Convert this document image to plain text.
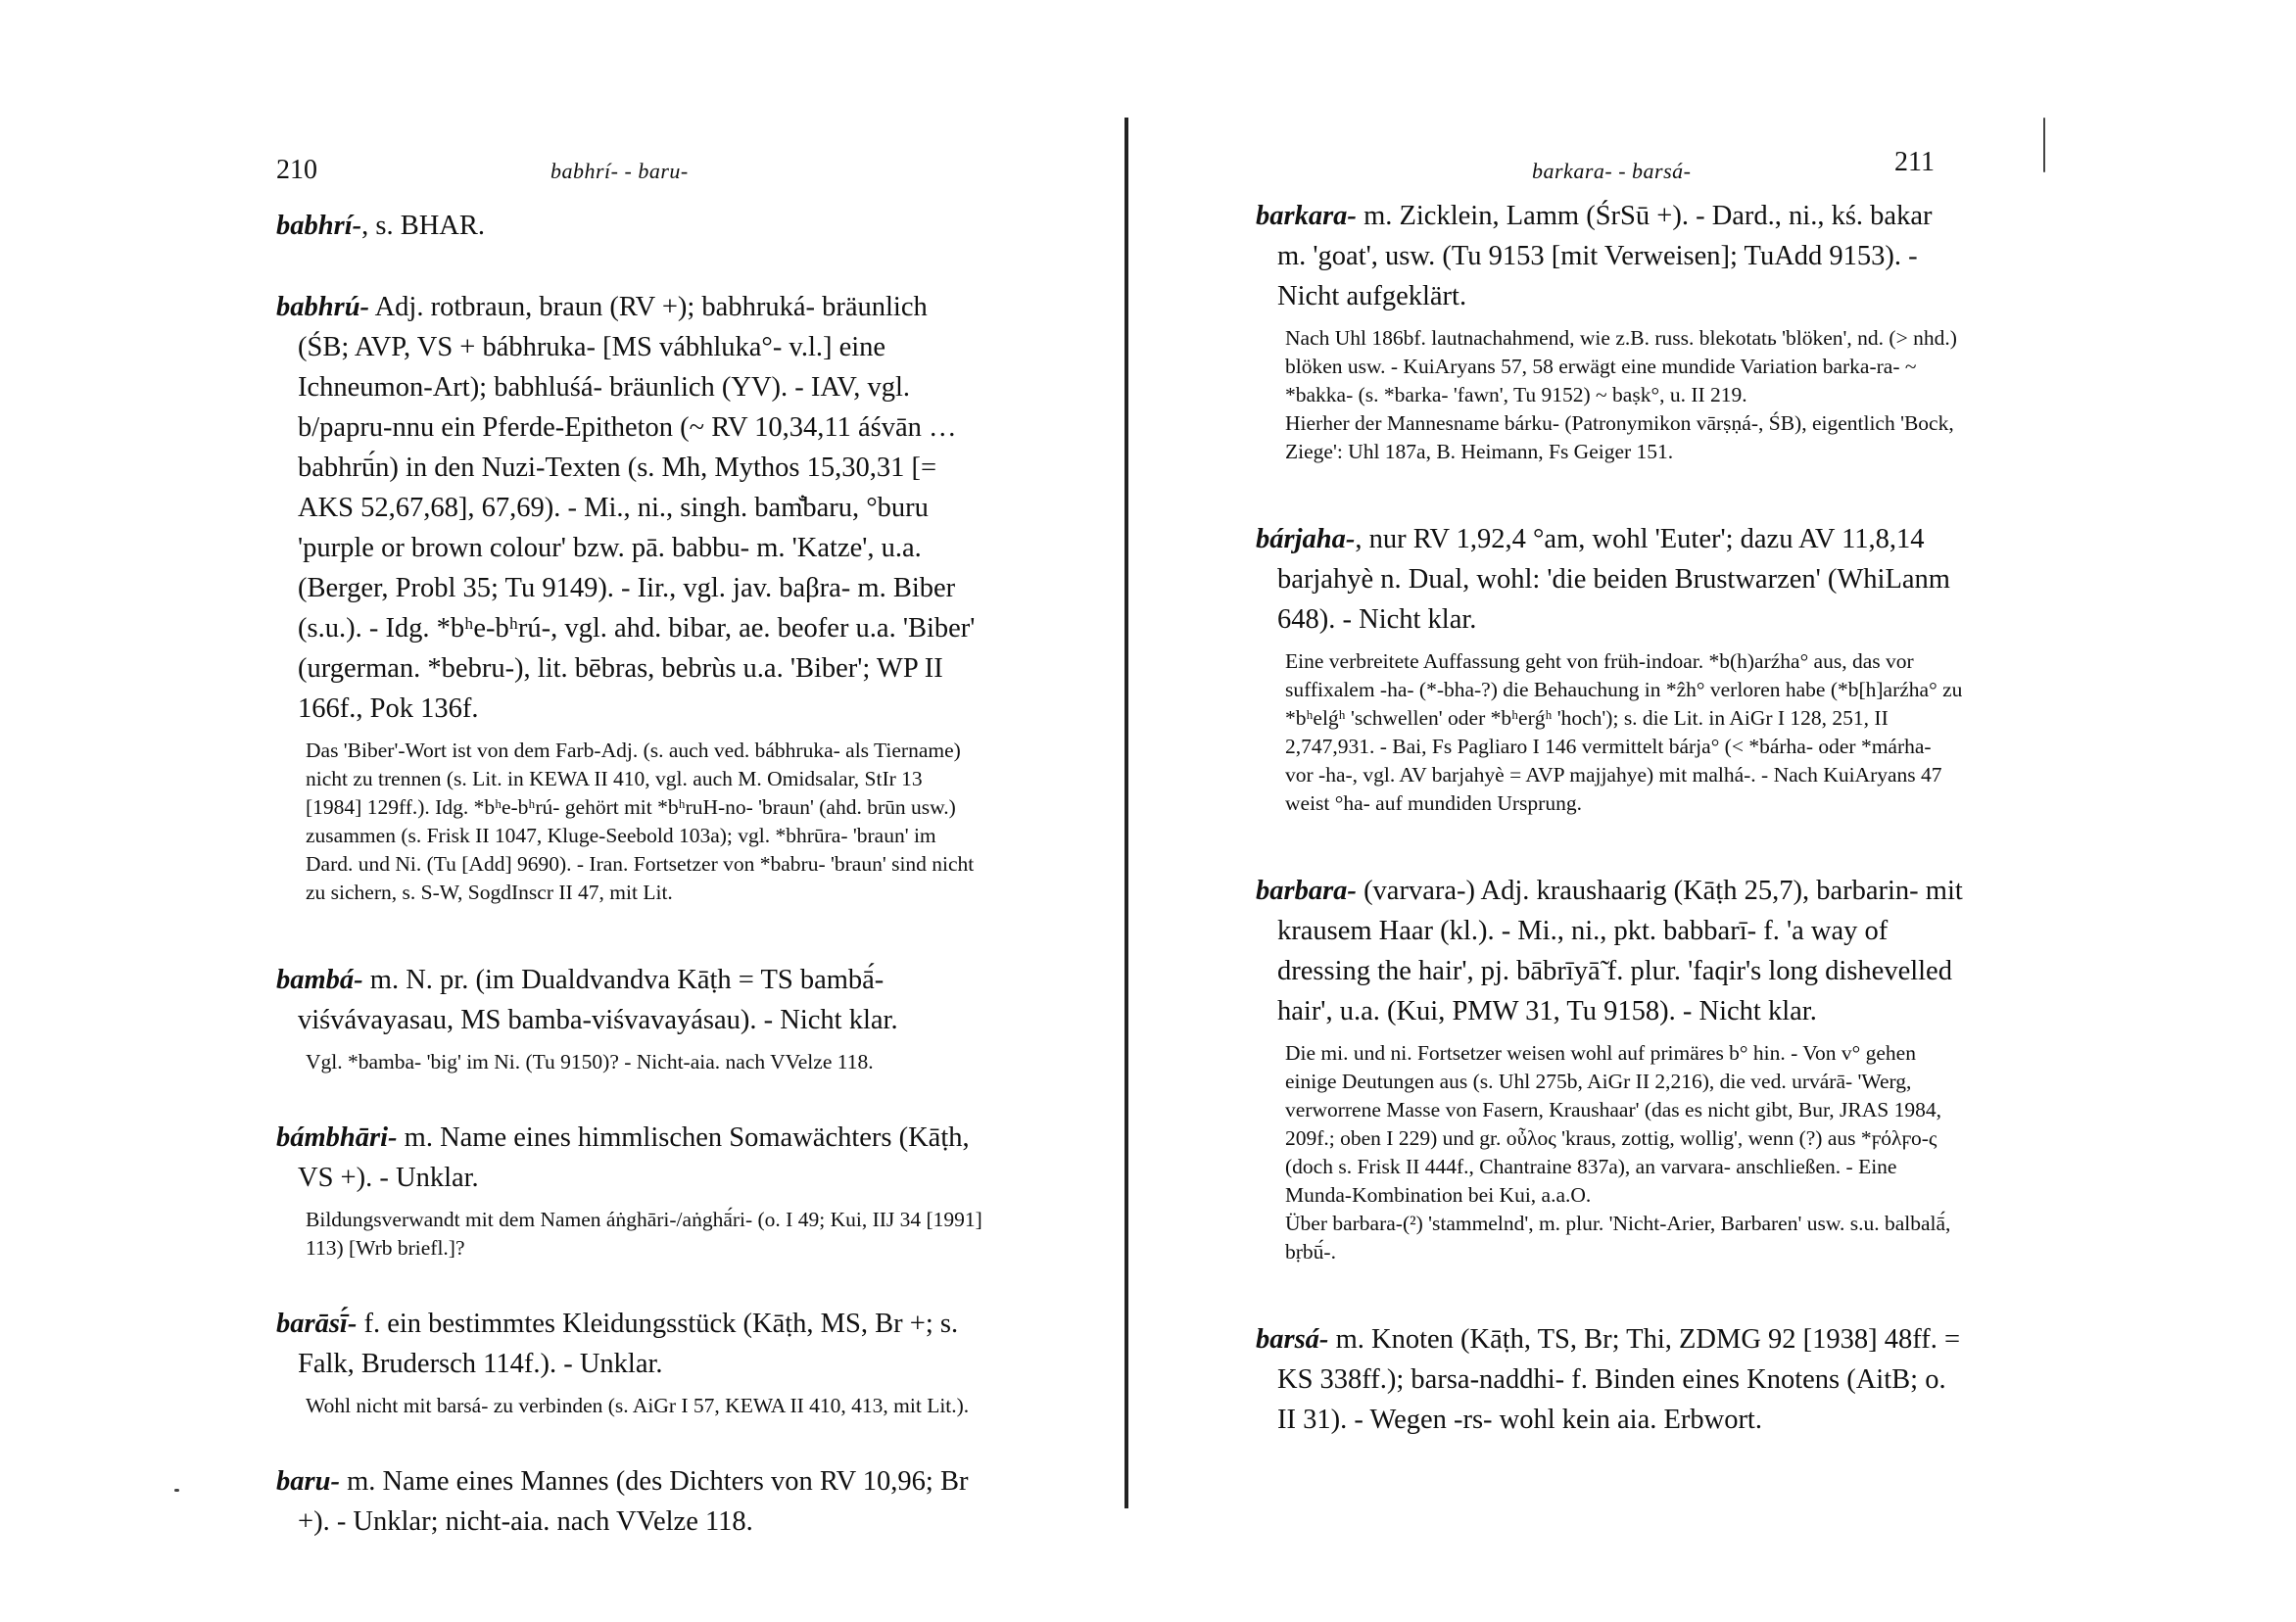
210	babhrí- - baru-
babhrí-, s. BHAR.
babhrú- Adj. rotbraun, braun (RV +); babhruká- bräunlich (ŚB; AVP, VS + bábhruka- [MS vábhluka°- v.l.] eine Ichneumon-Art); babhluśá- bräunlich (YV). - IAV, vgl. b/papru-nnu ein Pferde-Epitheton (~ RV 10,34,11 áśvān … babhrū́n) in den Nuzi-Texten (s. Mh, Mythos 15,30,31 [= AKS 52,67,68], 67,69). - Mi., ni., singh. bam̐baru, °buru 'purple or brown colour' bzw. pā. babbu- m. 'Katze', u.a. (Berger, Probl 35; Tu 9149). - Iir., vgl. jav. baβra- m. Biber (s.u.). - Idg. *bʰe-bʰrú-, vgl. ahd. bibar, ae. beofer u.a. 'Biber' (urgerman. *bebru-), lit. bēbras, bebrùs u.a. 'Biber'; WP II 166f., Pok 136f.
Das 'Biber'-Wort ist von dem Farb-Adj. (s. auch ved. bábhruka- als Tiername) nicht zu trennen (s. Lit. in KEWA II 410, vgl. auch M. Omidsalar, StIr 13 [1984] 129ff.). Idg. *bʰe-bʰrú- gehört mit *bʰruH-no- 'braun' (ahd. brūn usw.) zusammen (s. Frisk II 1047, Kluge-Seebold 103a); vgl. *bhrūra- 'braun' im Dard. und Ni. (Tu [Add] 9690). - Iran. Fortsetzer von *babru- 'braun' sind nicht zu sichern, s. S-W, SogdInscr II 47, mit Lit.
bambá- m. N. pr. (im Dualdvandva Kāṭh = TS bambā́-viśvávayasau, MS bamba-viśvavayásau). - Nicht klar.
Vgl. *bamba- 'big' im Ni. (Tu 9150)? - Nicht-aia. nach VVelze 118.
bámbhāri- m. Name eines himmlischen Somawächters (Kāṭh, VS +). - Unklar.
Bildungsverwandt mit dem Namen áṅghāri-/aṅghā́ri- (o. I 49; Kui, IIJ 34 [1991] 113) [Wrb briefl.]?
barāsī́- f. ein bestimmtes Kleidungsstück (Kāṭh, MS, Br +; s. Falk, Brudersch 114f.). - Unklar.
Wohl nicht mit barsá- zu verbinden (s. AiGr I 57, KEWA II 410, 413, mit Lit.).
baru- m. Name eines Mannes (des Dichters von RV 10,96; Br +). - Unklar; nicht-aia. nach VVelze 118.
barkara- - barsá-	211
barkara- m. Zicklein, Lamm (ŚrSū +). - Dard., ni., kś. bakar m. 'goat', usw. (Tu 9153 [mit Verweisen]; TuAdd 9153). - Nicht aufgeklärt.
Nach Uhl 186bf. lautnachahmend, wie z.B. russ. blekotatь 'blöken', nd. (> nhd.) blöken usw. - KuiAryans 57, 58 erwägt eine mundide Variation barka-ra- ~ *bakka- (s. *barka- 'fawn', Tu 9152) ~ baṣk°, u. II 219.
Hierher der Mannesname bárku- (Patronymikon vārṣṇá-, ŚB), eigentlich 'Bock, Ziege': Uhl 187a, B. Heimann, Fs Geiger 151.
bárjaha-, nur RV 1,92,4 °am, wohl 'Euter'; dazu AV 11,8,14 barjahyè n. Dual, wohl: 'die beiden Brustwarzen' (WhiLanm 648). - Nicht klar.
Eine verbreitete Auffassung geht von früh-indoar. *b(h)arźha° aus, das vor suffixalem -ha- (*-bha-?) die Behauchung in *ẑh° verloren habe (*b[h]arźha° zu *bʰelǵʰ 'schwellen' oder *bʰerǵʰ 'hoch'); s. die Lit. in AiGr I 128, 251, II 2,747,931. - Bai, Fs Pagliaro I 146 vermittelt bárja° (< *bárha- oder *márha- vor -ha-, vgl. AV barjahyè = AVP majjahye) mit malhá-. - Nach KuiAryans 47 weist °ha- auf mundiden Ursprung.
barbara- (varvara-) Adj. kraushaarig (Kāṭh 25,7), barbarin- mit krausem Haar (kl.). - Mi., ni., pkt. babbarī- f. 'a way of dressing the hair', pj. bābrīyā̃ f. plur. 'faqir's long dishevelled hair', u.a. (Kui, PMW 31, Tu 9158). - Nicht klar.
Die mi. und ni. Fortsetzer weisen wohl auf primäres b° hin. - Von v° gehen einige Deutungen aus (s. Uhl 275b, AiGr II 2,216), die ved. urvárā- 'Werg, verworrene Masse von Fasern, Kraushaar' (das es nicht gibt, Bur, JRAS 1984, 209f.; oben I 229) und gr. οὖλος 'kraus, zottig, wollig', wenn (?) aus *ϝόλϝο-ς (doch s. Frisk II 444f., Chantraine 837a), an varvara- anschließen. - Eine Munda-Kombination bei Kui, a.a.O.
Über barbara-(²) 'stammelnd', m. plur. 'Nicht-Arier, Barbaren' usw. s.u. balbalā́, bṛbū́-.
barsá- m. Knoten (Kāṭh, TS, Br; Thi, ZDMG 92 [1938] 48ff. = KS 338ff.); barsa-naddhi- f. Binden eines Knotens (AitB; o. II 31). - Wegen -rs- wohl kein aia. Erbwort.
